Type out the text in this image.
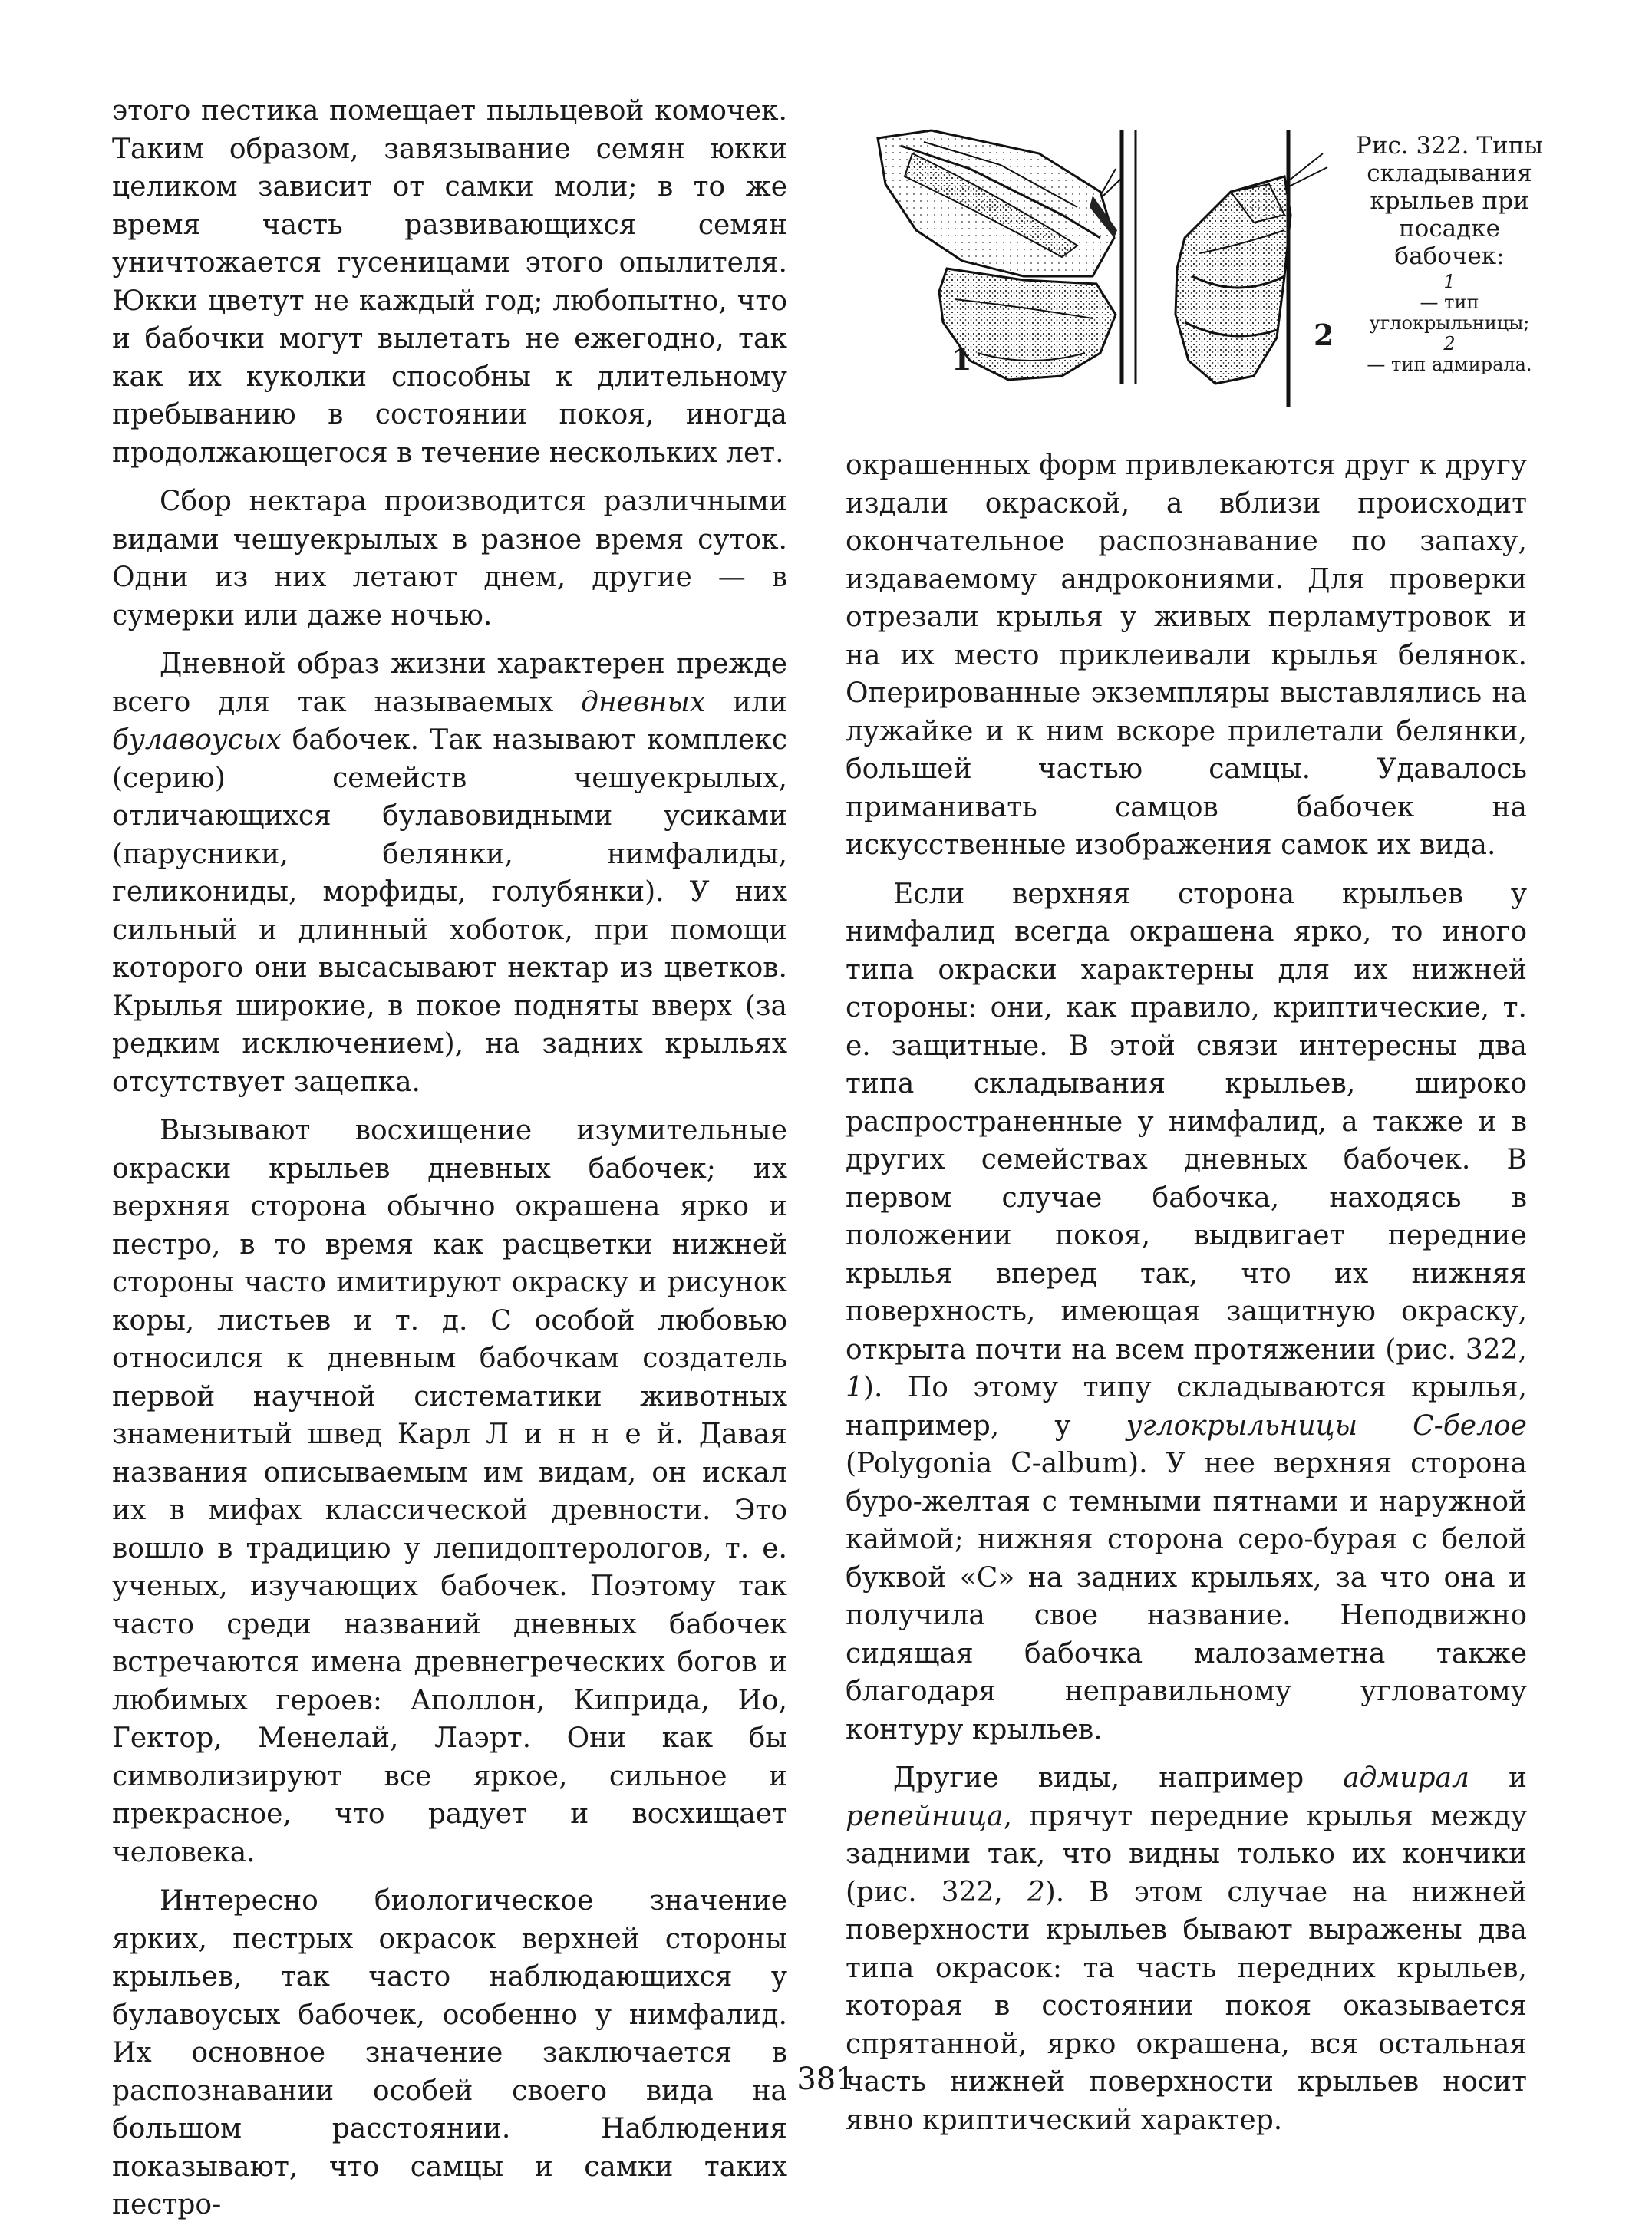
этого пестика помещает пыльцевой комочек. Таким образом, завязывание семян юкки целиком зависит от самки моли; в то же время часть развивающихся семян уничтожается гусеницами этого опылителя. Юкки цветут не каждый год; любопытно, что и бабочки могут вылетать не ежегодно, так как их куколки способны к длительному пребыванию в состоянии покоя, иногда продолжающегося в течение нескольких лет.

Сбор нектара производится различными видами чешуекрылых в разное время суток. Одни из них летают днем, другие — в сумерки или даже ночью.

Дневной образ жизни характерен прежде всего для так называемых дневных или булавоусых бабочек. Так называют комплекс (серию) семейств чешуекрылых, отличающихся булавовидными усиками (парусники, белянки, нимфалиды, геликониды, морфиды, голубянки). У них сильный и длинный хоботок, при помощи которого они высасывают нектар из цветков. Крылья широкие, в покое подняты вверх (за редким исключением), на задних крыльях отсутствует зацепка.

Вызывают восхищение изумительные окраски крыльев дневных бабочек; их верхняя сторона обычно окрашена ярко и пестро, в то время как расцветки нижней стороны часто имитируют окраску и рисунок коры, листьев и т. д. С особой любовью относился к дневным бабочкам создатель первой научной систематики животных знаменитый швед Карл Л и н н е й. Давая названия описываемым им видам, он искал их в мифах классической древности. Это вошло в традицию у лепидоптерологов, т. е. ученых, изучающих бабочек. Поэтому так часто среди названий дневных бабочек встречаются имена древнегреческих богов и любимых героев: Аполлон, Киприда, Ио, Гектор, Менелай, Лаэрт. Они как бы символизируют все яркое, сильное и прекрасное, что радует и восхищает человека.

Интересно биологическое значение ярких, пестрых окрасок верхней стороны крыльев, так часто наблюдающихся у булавоусых бабочек, особенно у нимфалид. Их основное значение заключается в распознавании особей своего вида на большом расстоянии. Наблюдения показывают, что самцы и самки таких пестро-

1
2
Рис. 322. Типы складывания крыльев при посадке бабочек:
1
— тип углокрыльницы;
2
— тип адмирала.

окрашенных форм привлекаются друг к другу издали окраской, а вблизи происходит окончательное распознавание по запаху, издаваемому андрокониями. Для проверки отрезали крылья у живых перламутровок и на их место приклеивали крылья белянок. Оперированные экземпляры выставлялись на лужайке и к ним вскоре прилетали белянки, большей частью самцы. Удавалось приманивать самцов бабочек на искусственные изображения самок их вида.

Если верхняя сторона крыльев у нимфалид всегда окрашена ярко, то иного типа окраски характерны для их нижней стороны: они, как правило, криптические, т. е. защитные. В этой связи интересны два типа складывания крыльев, широко распространенные у нимфалид, а также и в других семействах дневных бабочек. В первом случае бабочка, находясь в положении покоя, выдвигает передние крылья вперед так, что их нижняя поверхность, имеющая защитную окраску, открыта почти на всем протяжении (рис. 322, 1). По этому типу складываются крылья, например, у углокрыльницы С-белое (Polygonia C-album). У нее верхняя сторона буро-желтая с темными пятнами и наружной каймой; нижняя сторона серо-бурая с белой буквой «С» на задних крыльях, за что она и получила свое название. Неподвижно сидящая бабочка малозаметна также благодаря неправильному угловатому контуру крыльев.

Другие виды, например адмирал и репейница, прячут передние крылья между задними так, что видны только их кончики (рис. 322, 2). В этом случае на нижней поверхности крыльев бывают выражены два типа окрасок: та часть передних крыльев, которая в состоянии покоя оказывается спрятанной, ярко окрашена, вся остальная часть нижней поверхности крыльев носит явно криптический характер.

381
